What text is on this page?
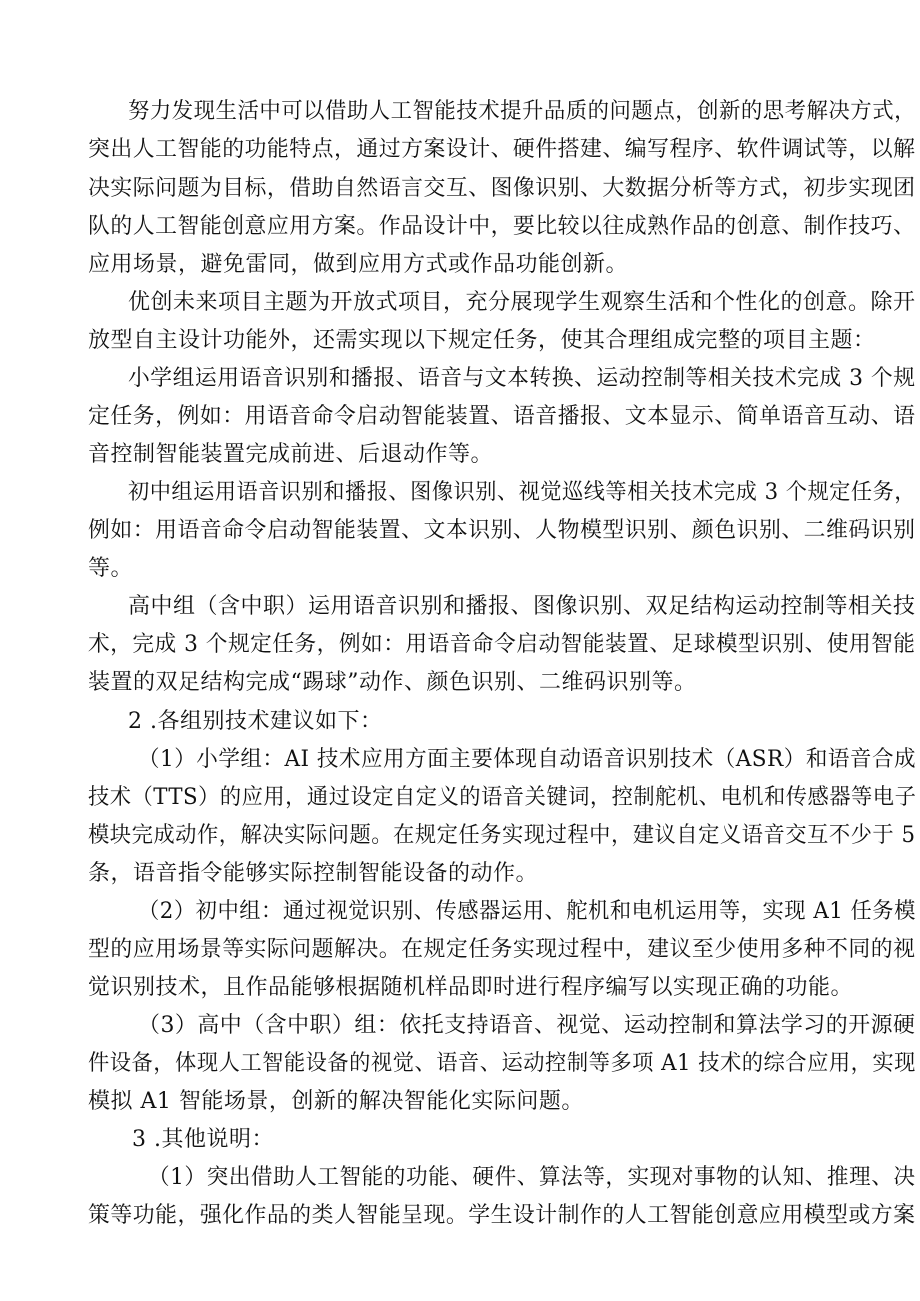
努力发现生活中可以借助人工智能技术提升品质的问题点，创新的思考解决方式，
突出人工智能的功能特点，通过方案设计、硬件搭建、编写程序、软件调试等，以解
决实际问题为目标，借助自然语言交互、图像识别、大数据分析等方式，初步实现团
队的人工智能创意应用方案。作品设计中，要比较以往成熟作品的创意、制作技巧、
应用场景，避免雷同，做到应用方式或作品功能创新。
优创未来项目主题为开放式项目，充分展现学生观察生活和个性化的创意。除开
放型自主设计功能外，还需实现以下规定任务，使其合理组成完整的项目主题：
小学组运用语音识别和播报、语音与文本转换、运动控制等相关技术完成 3 个规
定任务，例如：用语音命令启动智能装置、语音播报、文本显示、简单语音互动、语
音控制智能装置完成前进、后退动作等。
初中组运用语音识别和播报、图像识别、视觉巡线等相关技术完成 3 个规定任务，
例如：用语音命令启动智能装置、文本识别、人物模型识别、颜色识别、二维码识别
等。
高中组（含中职）运用语音识别和播报、图像识别、双足结构运动控制等相关技
术，完成 3 个规定任务，例如：用语音命令启动智能装置、足球模型识别、使用智能
装置的双足结构完成“踢球”动作、颜色识别、二维码识别等。
2 .各组别技术建议如下：
（1）小学组：AI 技术应用方面主要体现自动语音识别技术（ASR）和语音合成
技术（TTS）的应用，通过设定自定义的语音关键词，控制舵机、电机和传感器等电子
模块完成动作，解决实际问题。在规定任务实现过程中，建议自定义语音交互不少于 5
条，语音指令能够实际控制智能设备的动作。
（2）初中组：通过视觉识别、传感器运用、舵机和电机运用等，实现 A1 任务模
型的应用场景等实际问题解决。在规定任务实现过程中，建议至少使用多种不同的视
觉识别技术，且作品能够根据随机样品即时进行程序编写以实现正确的功能。
（3）高中（含中职）组：依托支持语音、视觉、运动控制和算法学习的开源硬
件设备，体现人工智能设备的视觉、语音、运动控制等多项 A1 技术的综合应用，实现
模拟 A1 智能场景，创新的解决智能化实际问题。
3 .其他说明：
（1）突出借助人工智能的功能、硬件、算法等，实现对事物的认知、推理、决
策等功能，强化作品的类人智能呈现。学生设计制作的人工智能创意应用模型或方案
